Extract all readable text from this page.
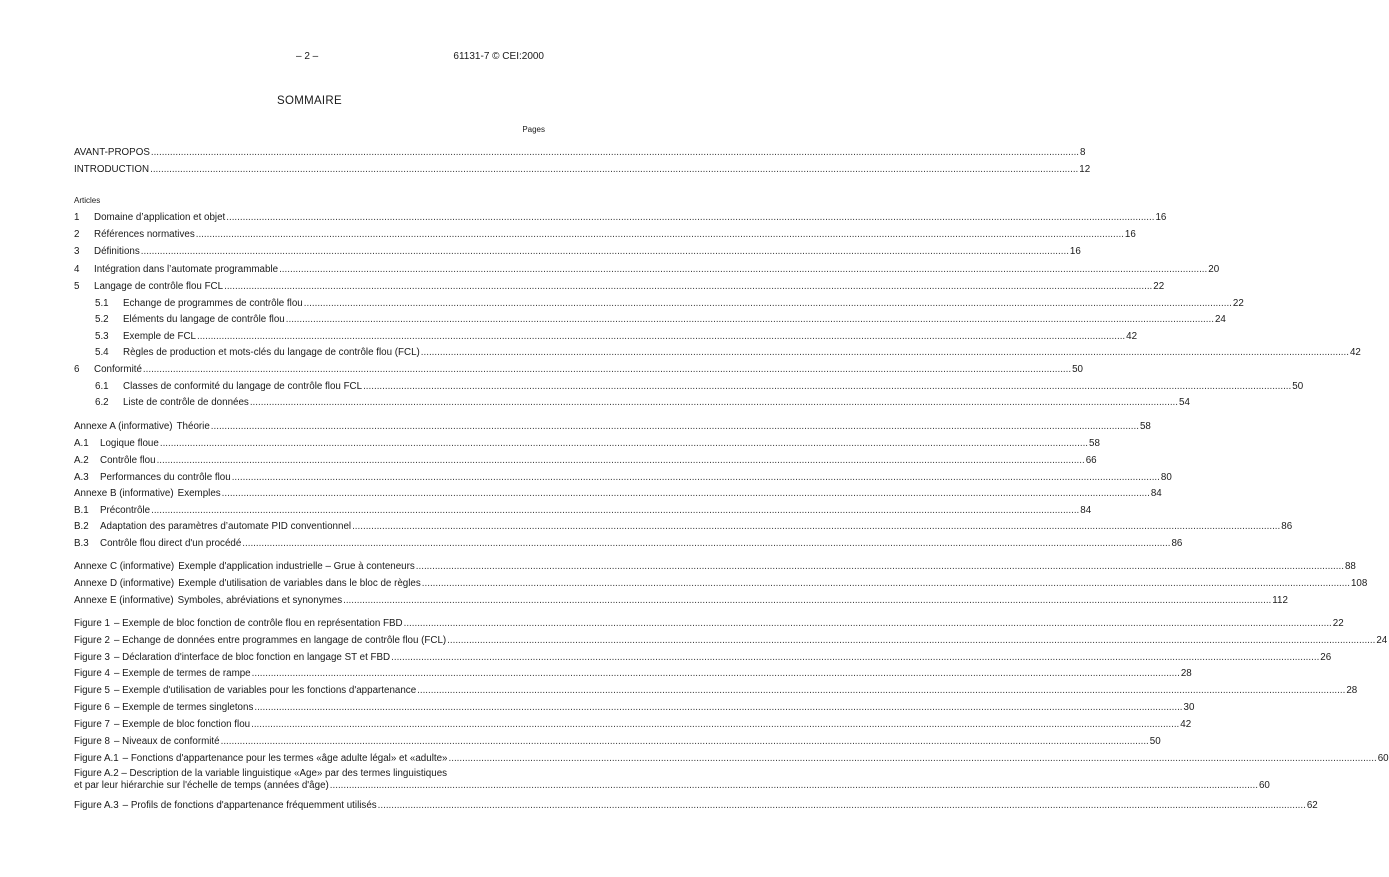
– 2 –	61131-7 © CEI:2000
SOMMAIRE
Pages
AVANT-PROPOS .....	8
INTRODUCTION .....	12
Articles
1	Domaine d’application et objet .....	16
2	Références normatives .....	16
3	Définitions .....	16
4	Intégration dans l’automate programmable .....	20
5	Langage de contrôle flou FCL .....	22
5.1	Echange de programmes de contrôle flou .....	22
5.2	Eléments du langage de contrôle flou .....	24
5.3	Exemple de FCL .....	42
5.4	Règles de production et mots-clés du langage de contrôle flou (FCL) .....	42
6	Conformité .....	50
6.1	Classes de conformité du langage de contrôle flou FCL .....	50
6.2	Liste de contrôle de données .....	54
Annexe A (informative) Théorie .....	58
A.1	Logique floue .....	58
A.2	Contrôle flou .....	66
A.3	Performances du contrôle flou .....	80
Annexe B (informative) Exemples .....	84
B.1	Précontrôle .....	84
B.2	Adaptation des paramètres d’automate PID conventionnel .....	86
B.3	Contrôle flou direct d'un procédé .....	86
Annexe C (informative) Exemple d'application industrielle – Grue à conteneurs .....	88
Annexe D (informative) Exemple d'utilisation de variables dans le bloc de règles .....	108
Annexe E (informative) Symboles, abréviations et synonymes .....	112
Figure 1 – Exemple de bloc fonction de contrôle flou en représentation FBD .....	22
Figure 2 – Echange de données entre programmes en langage de contrôle flou (FCL) .....	24
Figure 3 – Déclaration d'interface de bloc fonction en langage ST et FBD .....	26
Figure 4 – Exemple de termes de rampe .....	28
Figure 5 – Exemple d'utilisation de variables pour les fonctions d'appartenance .....	28
Figure 6 – Exemple de termes singletons .....	30
Figure 7 – Exemple de bloc fonction flou .....	42
Figure 8 – Niveaux de conformité .....	50
Figure A.1 – Fonctions d'appartenance pour les termes «âge adulte légal» et «adulte» .....	60
Figure A.2 – Description de la variable linguistique «Age» par des termes linguistiques
et par leur hiérarchie sur l'échelle de temps (années d'âge) .....	60
Figure A.3 – Profils de fonctions d'appartenance fréquemment utilisés .....	62
